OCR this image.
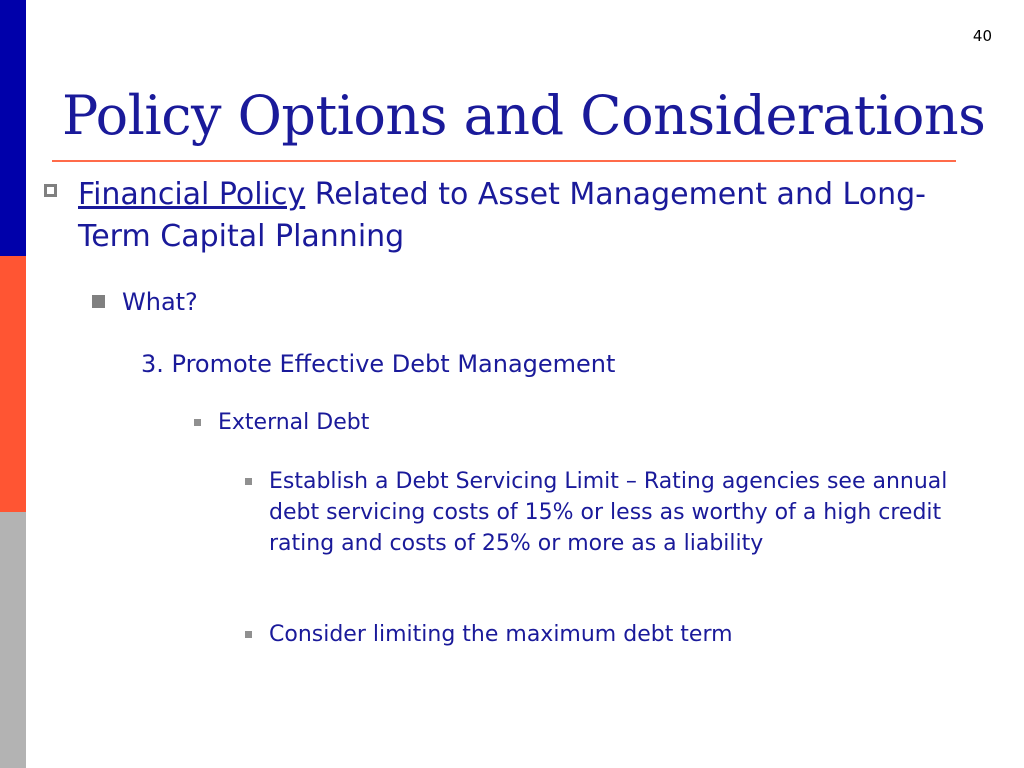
40
Policy Options and Considerations
Financial Policy Related to Asset Management and Long-Term Capital Planning
What?
3. Promote Effective Debt Management
External Debt
Establish a Debt Servicing Limit – Rating agencies see annual debt servicing costs of 15% or less as worthy of a high credit rating and costs of 25% or more as a liability
Consider limiting the maximum debt term
